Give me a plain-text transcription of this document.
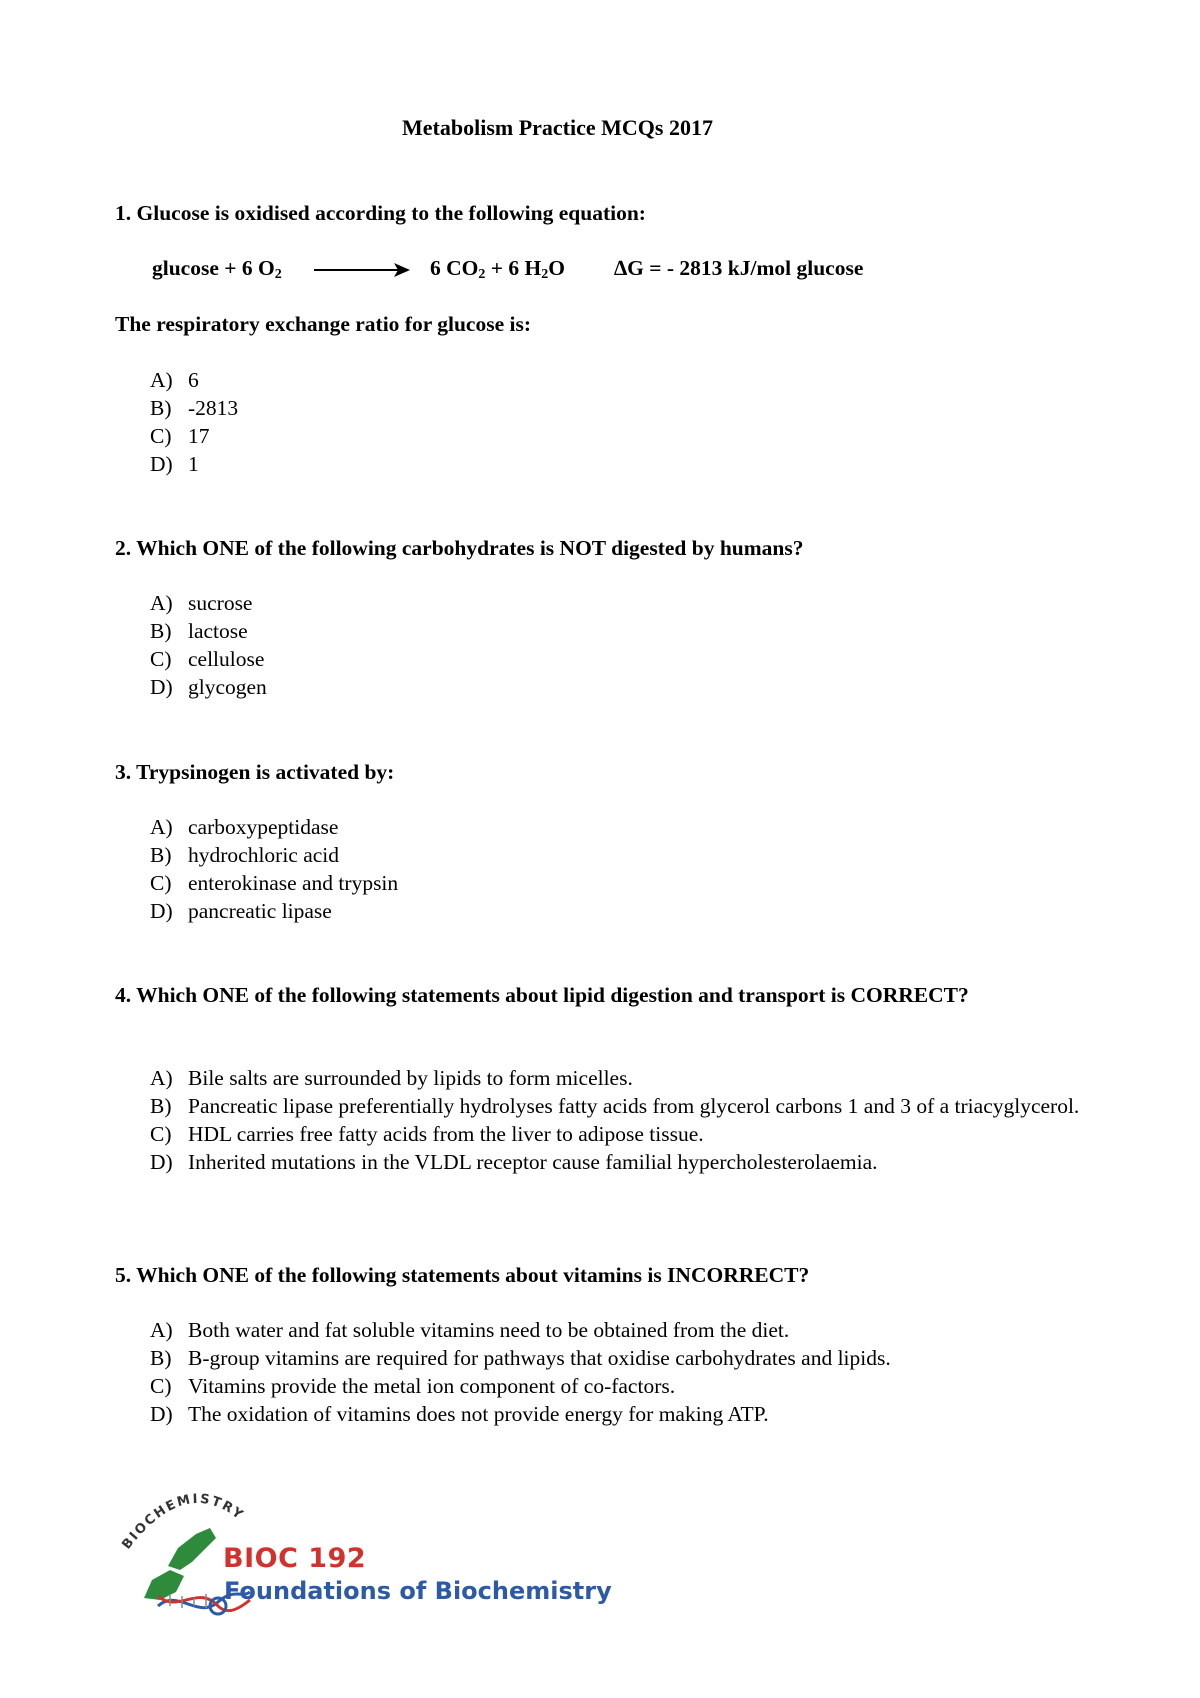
Metabolism Practice MCQs 2017
1. Glucose is oxidised according to the following equation:
glucose + 6 $O_2$	6 $CO_2 + 6$ $H_2O$ ∆G = - 2813 kJ/mol glucose
The respiratory exchange ratio for glucose is:
A) 6
B) -2813
C) 17
D) 1
2. Which ONE of the following carbohydrates is NOT digested by humans?
A) sucrose
B) lactose
C) cellulose
D) glycogen
3. Trypsinogen is activated by:
A) carboxypeptidase
B) hydrochloric acid
C) enterokinase and trypsin
D) pancreatic lipase
4. Which ONE of the following statements about lipid digestion and transport is CORRECT?
A) Bile salts are surrounded by lipids to form micelles.
B) Pancreatic lipase preferentially hydrolyses fatty acids from glycerol carbons 1 and 3 of a triacyglycerol.
C) HDL carries free fatty acids from the liver to adipose tissue.
D) Inherited mutations in the VLDL receptor cause familial hypercholesterolaemia.
5. Which ONE of the following statements about vitamins is INCORRECT?
A) Both water and fat soluble vitamins need to be obtained from the diet.
B) B-group vitamins are required for pathways that oxidise carbohydrates and lipids.
C) Vitamins provide the metal ion component of co-factors.
D) The oxidation of vitamins does not provide energy for making ATP.
BIOCHEMISTRY
BIOC 192
Foundations of Biochemistry
